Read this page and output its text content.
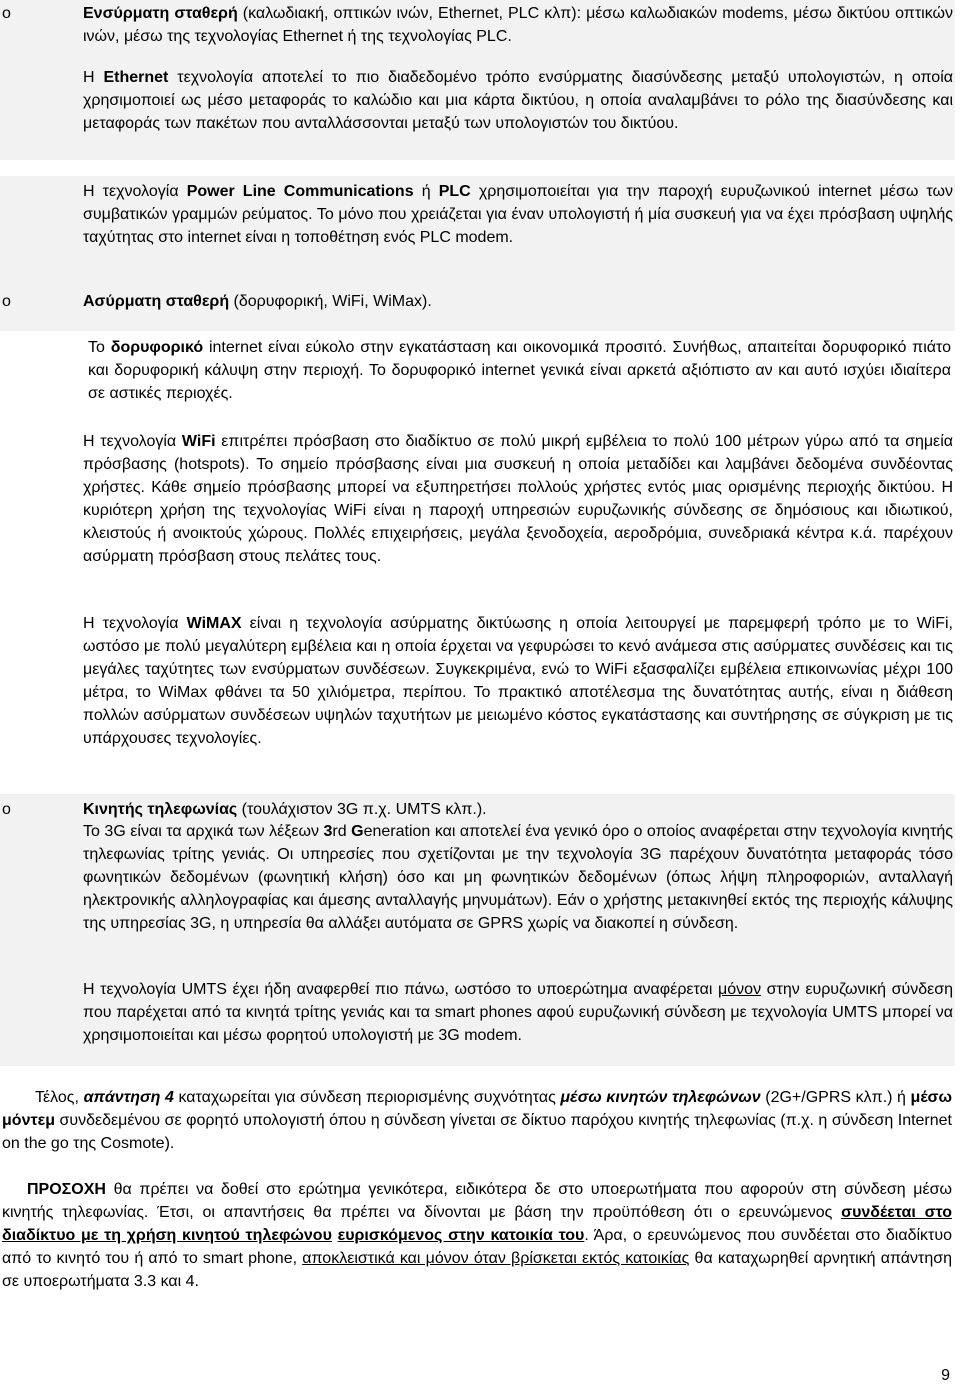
o	Ενσύρματη σταθερή (καλωδιακή, οπτικών ινών, Ethernet, PLC κλπ): μέσω καλωδιακών modems, μέσω δικτύου οπτικών ινών, μέσω της τεχνολογίας Ethernet ή της τεχνολογίας PLC.
Η Ethernet τεχνολογία αποτελεί το πιο διαδεδομένο τρόπο ενσύρματης διασύνδεσης μεταξύ υπολογιστών, η οποία χρησιμοποιεί ως μέσο μεταφοράς το καλώδιο και μια κάρτα δικτύου, η οποία αναλαμβάνει το ρόλο της διασύνδεσης και μεταφοράς των πακέτων που ανταλλάσσονται μεταξύ των υπολογιστών του δικτύου.
Η τεχνολογία Power Line Communications ή PLC χρησιμοποιείται για την παροχή ευρυζωνικού internet μέσω των συμβατικών γραμμών ρεύματος. Το μόνο που χρειάζεται για έναν υπολογιστή ή μία συσκευή για να έχει πρόσβαση υψηλής ταχύτητας στο internet είναι η τοποθέτηση ενός PLC modem.
o	Ασύρματη σταθερή (δορυφορική, WiFi, WiMax).
Το δορυφορικό internet είναι εύκολο στην εγκατάσταση και οικονομικά προσιτό. Συνήθως, απαιτείται δορυφορικό πιάτο και δορυφορική κάλυψη στην περιοχή. Το δορυφορικό internet γενικά είναι αρκετά αξιόπιστο αν και αυτό ισχύει ιδιαίτερα σε αστικές περιοχές.
Η τεχνολογία WiFi επιτρέπει πρόσβαση στο διαδίκτυο σε πολύ μικρή εμβέλεια το πολύ 100 μέτρων γύρω από τα σημεία πρόσβασης (hotspots). Το σημείο πρόσβασης είναι μια συσκευή η οποία μεταδίδει και λαμβάνει δεδομένα συνδέοντας χρήστες. Κάθε σημείο πρόσβασης μπορεί να εξυπηρετήσει πολλούς χρήστες εντός μιας ορισμένης περιοχής δικτύου. Η κυριότερη χρήση της τεχνολογίας WiFi είναι η παροχή υπηρεσιών ευρυζωνικής σύνδεσης σε δημόσιους και ιδιωτικού, κλειστούς ή ανοικτούς χώρους. Πολλές επιχειρήσεις, μεγάλα ξενοδοχεία, αεροδρόμια, συνεδριακά κέντρα κ.ά. παρέχουν ασύρματη πρόσβαση στους πελάτες τους.
Η τεχνολογία WiMAX είναι η τεχνολογία ασύρματης δικτύωσης η οποία λειτουργεί με παρεμφερή τρόπο με το WiFi, ωστόσο με πολύ μεγαλύτερη εμβέλεια και η οποία έρχεται να γεφυρώσει το κενό ανάμεσα στις ασύρματες συνδέσεις και τις μεγάλες ταχύτητες των ενσύρματων συνδέσεων. Συγκεκριμένα, ενώ το WiFi εξασφαλίζει εμβέλεια επικοινωνίας μέχρι 100 μέτρα, το WiMax φθάνει τα 50 χιλιόμετρα, περίπου. Το πρακτικό αποτέλεσμα της δυνατότητας αυτής, είναι η διάθεση πολλών ασύρματων συνδέσεων υψηλών ταχυτήτων με μειωμένο κόστος εγκατάστασης και συντήρησης σε σύγκριση με τις υπάρχουσες τεχνολογίες.
o	Κινητής τηλεφωνίας (τουλάχιστον 3G π.χ. UMTS κλπ.).
Το 3G είναι τα αρχικά των λέξεων 3rd Generation και αποτελεί ένα γενικό όρο ο οποίος αναφέρεται στην τεχνολογία κινητής τηλεφωνίας τρίτης γενιάς. Οι υπηρεσίες που σχετίζονται με την τεχνολογία 3G παρέχουν δυνατότητα μεταφοράς τόσο φωνητικών δεδομένων (φωνητική κλήση) όσο και μη φωνητικών δεδομένων (όπως λήψη πληροφοριών, ανταλλαγή ηλεκτρονικής αλληλογραφίας και άμεσης ανταλλαγής μηνυμάτων). Εάν ο χρήστης μετακινηθεί εκτός της περιοχής κάλυψης της υπηρεσίας 3G, η υπηρεσία θα αλλάξει αυτόματα σε GPRS χωρίς να διακοπεί η σύνδεση.
Η τεχνολογία UMTS έχει ήδη αναφερθεί πιο πάνω, ωστόσο το υποερώτημα αναφέρεται μόνον στην ευρυζωνική σύνδεση που παρέχεται από τα κινητά τρίτης γενιάς και τα smart phones αφού ευρυζωνική σύνδεση με τεχνολογία UMTS μπορεί να χρησιμοποιείται και μέσω φορητού υπολογιστή με 3G modem.
Τέλος, απάντηση 4 καταχωρείται για σύνδεση περιορισμένης συχνότητας μέσω κινητών τηλεφώνων (2G+/GPRS κλπ.) ή μέσω μόντεμ συνδεδεμένου σε φορητό υπολογιστή όπου η σύνδεση γίνεται σε δίκτυο παρόχου κινητής τηλεφωνίας (π.χ. η σύνδεση Internet on the go της Cosmote).
ΠΡΟΣΟΧΗ θα πρέπει να δοθεί στο ερώτημα γενικότερα, ειδικότερα δε στο υποερωτήματα που αφορούν στη σύνδεση μέσω κινητής τηλεφωνίας. Έτσι, οι απαντήσεις θα πρέπει να δίνονται με βάση την προϋπόθεση ότι ο ερευνώμενος συνδέεται στο διαδίκτυο με τη χρήση κινητού τηλεφώνου ευρισκόμενος στην κατοικία του. Άρα, ο ερευνώμενος που συνδέεται στο διαδίκτυο από το κινητό του ή από το smart phone, αποκλειστικά και μόνον όταν βρίσκεται εκτός κατοικίας θα καταχωρηθεί αρνητική απάντηση σε υποερωτήματα 3.3 και 4.
9
